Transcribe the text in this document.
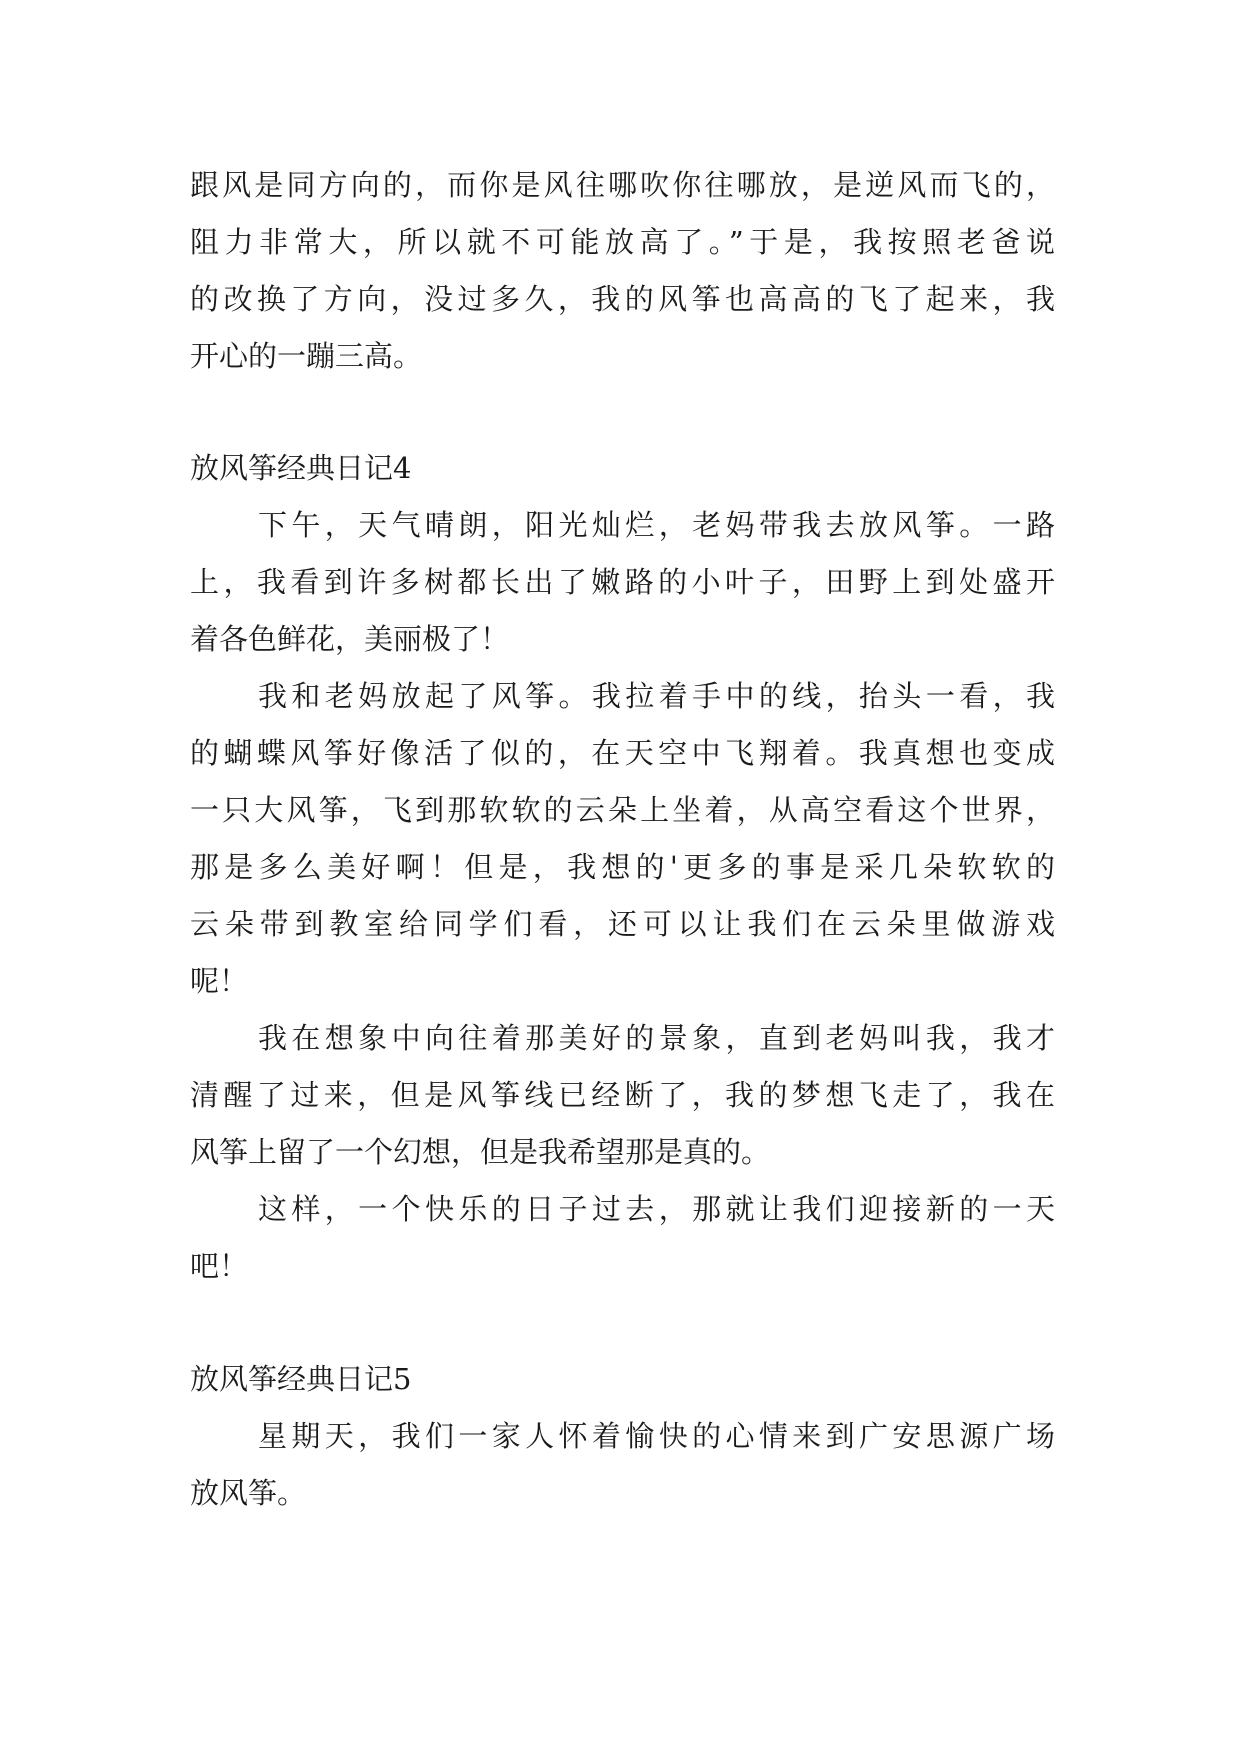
跟风是同方向的，而你是风往哪吹你往哪放，是逆风而飞的，
阻力非常大，所以就不可能放高了。”于是，我按照老爸说
的改换了方向，没过多久，我的风筝也高高的飞了起来，我
开心的一蹦三高。
放风筝经典日记4
下午，天气晴朗，阳光灿烂，老妈带我去放风筝。一路
上，我看到许多树都长出了嫩路的小叶子，田野上到处盛开
着各色鲜花，美丽极了！
我和老妈放起了风筝。我拉着手中的线，抬头一看，我
的蝴蝶风筝好像活了似的，在天空中飞翔着。我真想也变成
一只大风筝，飞到那软软的云朵上坐着，从高空看这个世界，
那是多么美好啊！但是，我想的'更多的事是采几朵软软的
云朵带到教室给同学们看，还可以让我们在云朵里做游戏
呢！
我在想象中向往着那美好的景象，直到老妈叫我，我才
清醒了过来，但是风筝线已经断了，我的梦想飞走了，我在
风筝上留了一个幻想，但是我希望那是真的。
这样，一个快乐的日子过去，那就让我们迎接新的一天
吧！
放风筝经典日记5
星期天，我们一家人怀着愉快的心情来到广安思源广场
放风筝。
